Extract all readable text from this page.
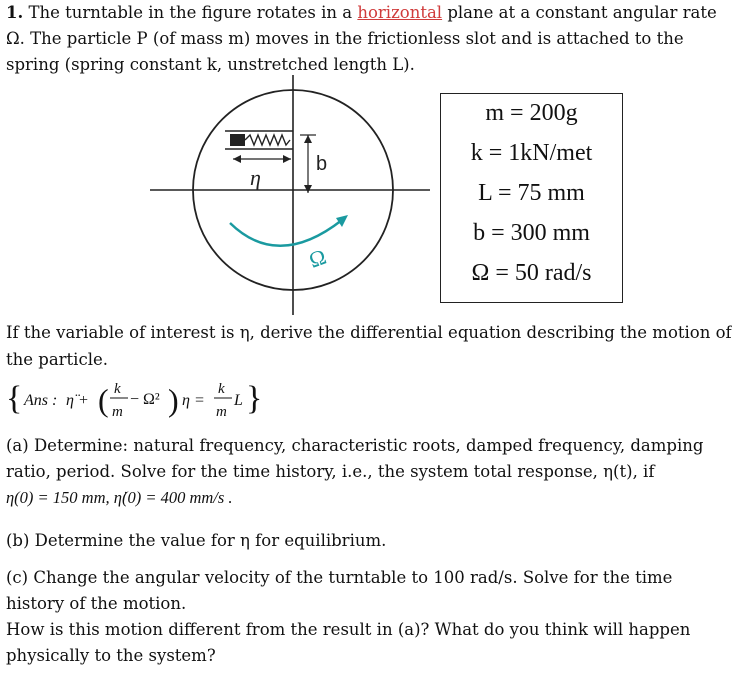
1. The turntable in the figure rotates in a horizontal plane at a constant angular rate
Ω. The particle P (of mass m) moves in the frictionless slot and is attached to the
spring (spring constant k, unstretched length L).
η
b
Ω
m = 200g
k = 1kN/met
L = 75 mm
b = 300 mm
Ω = 50 rad/s
If the variable of interest is η, derive the differential equation describing the motion of
the particle.
{ Ans : η̈ + ( k
m
− Ω² ) η =
k
m
L }
(a) Determine: natural frequency, characteristic roots, damped frequency, damping
ratio, period. Solve for the time history, i.e., the system total response, η(t), if
η(0) = 150 mm, η̇(0) = 400 mm/s .
(b) Determine the value for η for equilibrium.
(c) Change the angular velocity of the turntable to 100 rad/s. Solve for the time
history of the motion.
How is this motion different from the result in (a)? What do you think will happen
physically to the system?
